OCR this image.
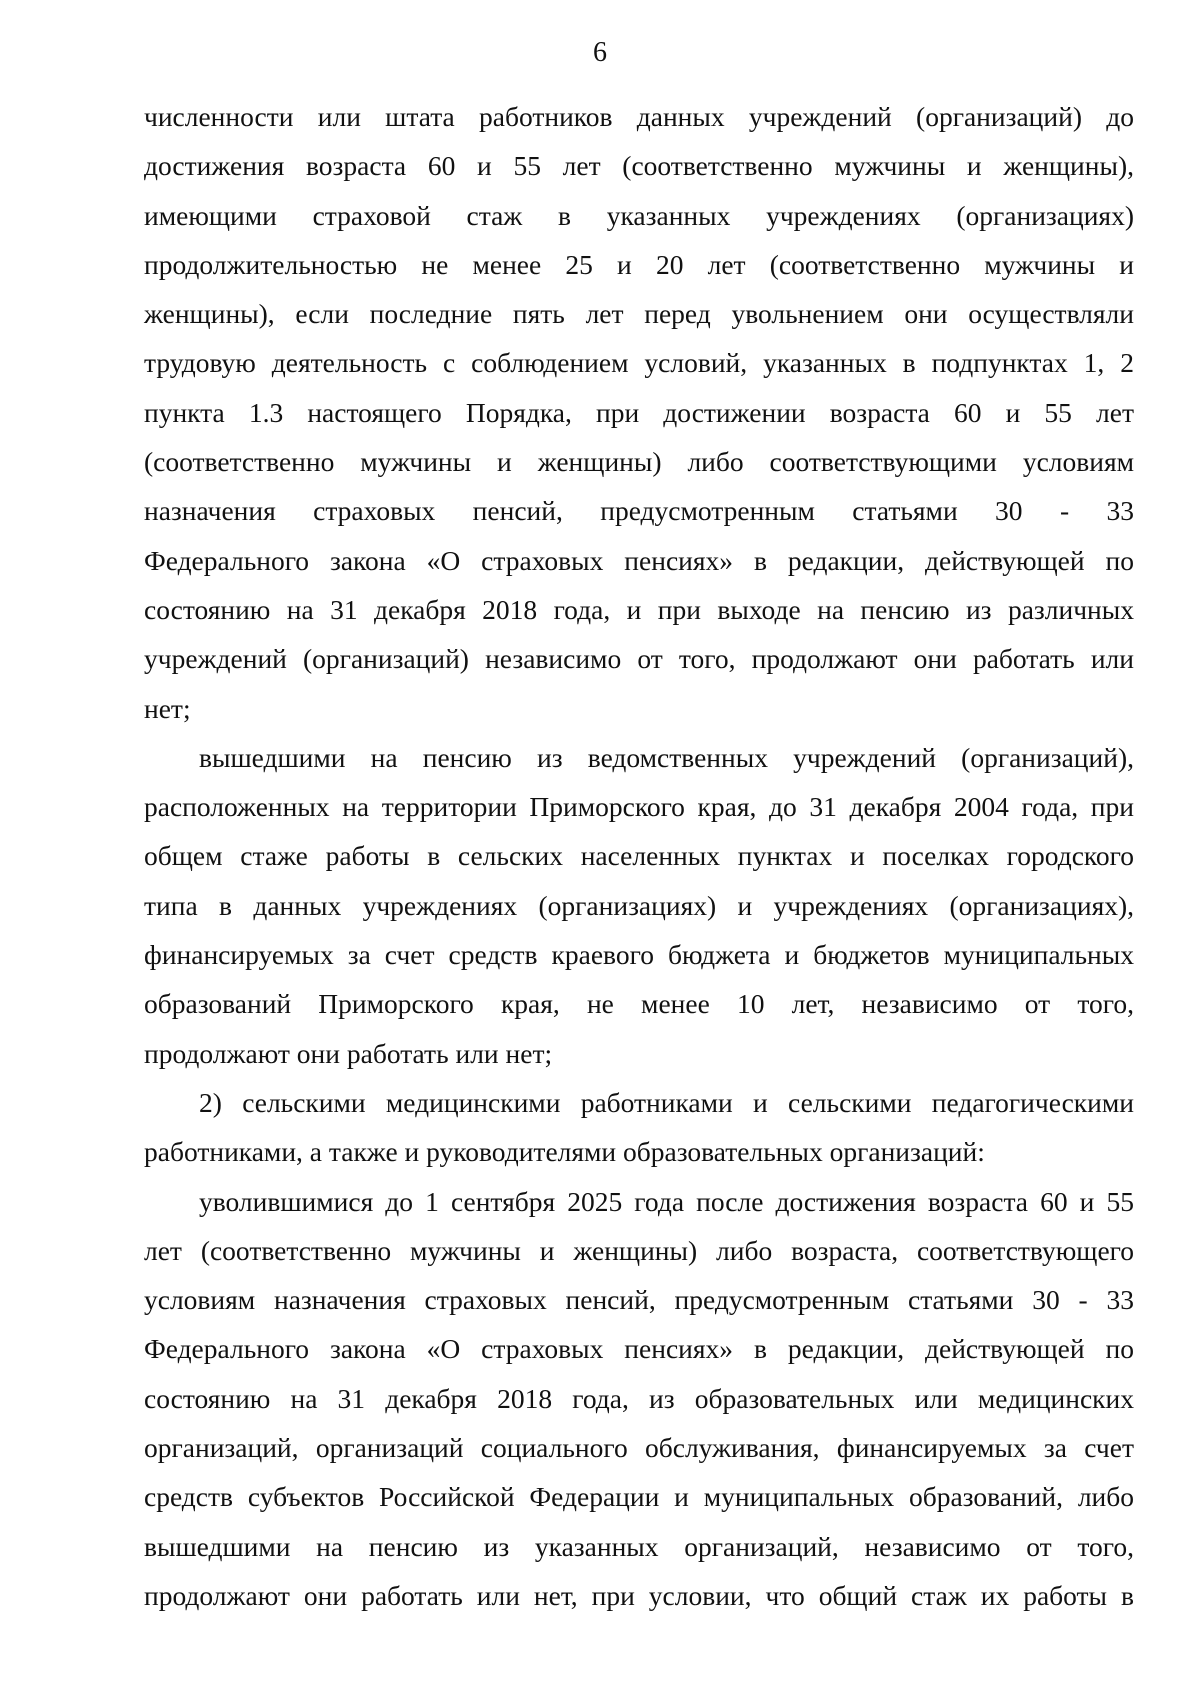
6
численности или штата работников данных учреждений (организаций) до
достижения возраста 60 и 55 лет (соответственно мужчины и женщины),
имеющими страховой стаж в указанных учреждениях (организациях)
продолжительностью не менее 25 и 20 лет (соответственно мужчины и
женщины), если последние пять лет перед увольнением они осуществляли
трудовую деятельность с соблюдением условий, указанных в подпунктах 1, 2
пункта 1.3 настоящего Порядка, при достижении возраста 60 и 55 лет
(соответственно мужчины и женщины) либо соответствующими условиям
назначения страховых пенсий, предусмотренным статьями 30 - 33
Федерального закона «О страховых пенсиях» в редакции, действующей по
состоянию на 31 декабря 2018 года, и при выходе на пенсию из различных
учреждений (организаций) независимо от того, продолжают они работать или
нет;
вышедшими на пенсию из ведомственных учреждений (организаций),
расположенных на территории Приморского края, до 31 декабря 2004 года, при
общем стаже работы в сельских населенных пунктах и поселках городского
типа в данных учреждениях (организациях) и учреждениях (организациях),
финансируемых за счет средств краевого бюджета и бюджетов муниципальных
образований Приморского края, не менее 10 лет, независимо от того,
продолжают они работать или нет;
2) сельскими медицинскими работниками и сельскими педагогическими
работниками, а также и руководителями образовательных организаций:
уволившимися до 1 сентября 2025 года после достижения возраста 60 и 55
лет (соответственно мужчины и женщины) либо возраста, соответствующего
условиям назначения страховых пенсий, предусмотренным статьями 30 - 33
Федерального закона «О страховых пенсиях» в редакции, действующей по
состоянию на 31 декабря 2018 года, из образовательных или медицинских
организаций, организаций социального обслуживания, финансируемых за счет
средств субъектов Российской Федерации и муниципальных образований, либо
вышедшими на пенсию из указанных организаций, независимо от того,
продолжают они работать или нет, при условии, что общий стаж их работы в
